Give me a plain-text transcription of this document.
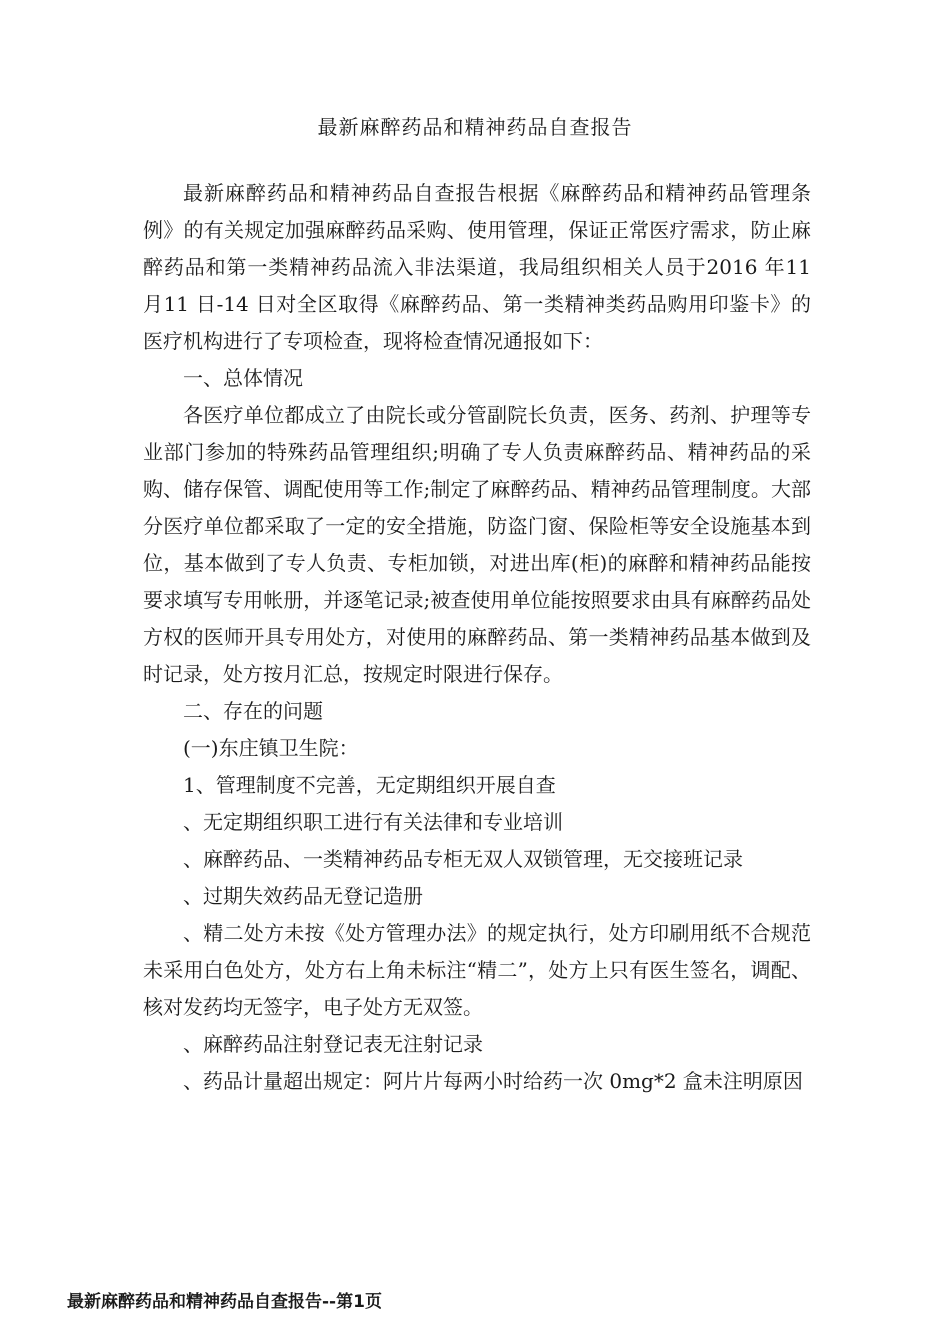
最新麻醉药品和精神药品自查报告

最新麻醉药品和精神药品自查报告根据《麻醉药品和精神药品管理条例》的有关规定加强麻醉药品采购、使用管理，保证正常医疗需求，防止麻醉药品和第一类精神药品流入非法渠道，我局组织相关人员于2016 年11 月11 日-14 日对全区取得《麻醉药品、第一类精神类药品购用印鉴卡》的医疗机构进行了专项检查，现将检查情况通报如下：

一、总体情况

各医疗单位都成立了由院长或分管副院长负责，医务、药剂、护理等专业部门参加的特殊药品管理组织;明确了专人负责麻醉药品、精神药品的采购、储存保管、调配使用等工作;制定了麻醉药品、精神药品管理制度。大部分医疗单位都采取了一定的安全措施，防盗门窗、保险柜等安全设施基本到位，基本做到了专人负责、专柜加锁，对进出库(柜)的麻醉和精神药品能按要求填写专用帐册，并逐笔记录;被查使用单位能按照要求由具有麻醉药品处方权的医师开具专用处方，对使用的麻醉药品、第一类精神药品基本做到及时记录，处方按月汇总，按规定时限进行保存。

二、存在的问题

(一)东庄镇卫生院：

1、管理制度不完善，无定期组织开展自查

、无定期组织职工进行有关法律和专业培训

、麻醉药品、一类精神药品专柜无双人双锁管理，无交接班记录

、过期失效药品无登记造册

、精二处方未按《处方管理办法》的规定执行，处方印刷用纸不合规范未采用白色处方，处方右上角未标注“精二”，处方上只有医生签名，调配、核对发药均无签字，电子处方无双签。

、麻醉药品注射登记表无注射记录

、药品计量超出规定：阿片片每两小时给药一次 0mg*2 盒未注明原因

最新麻醉药品和精神药品自查报告--第1页
